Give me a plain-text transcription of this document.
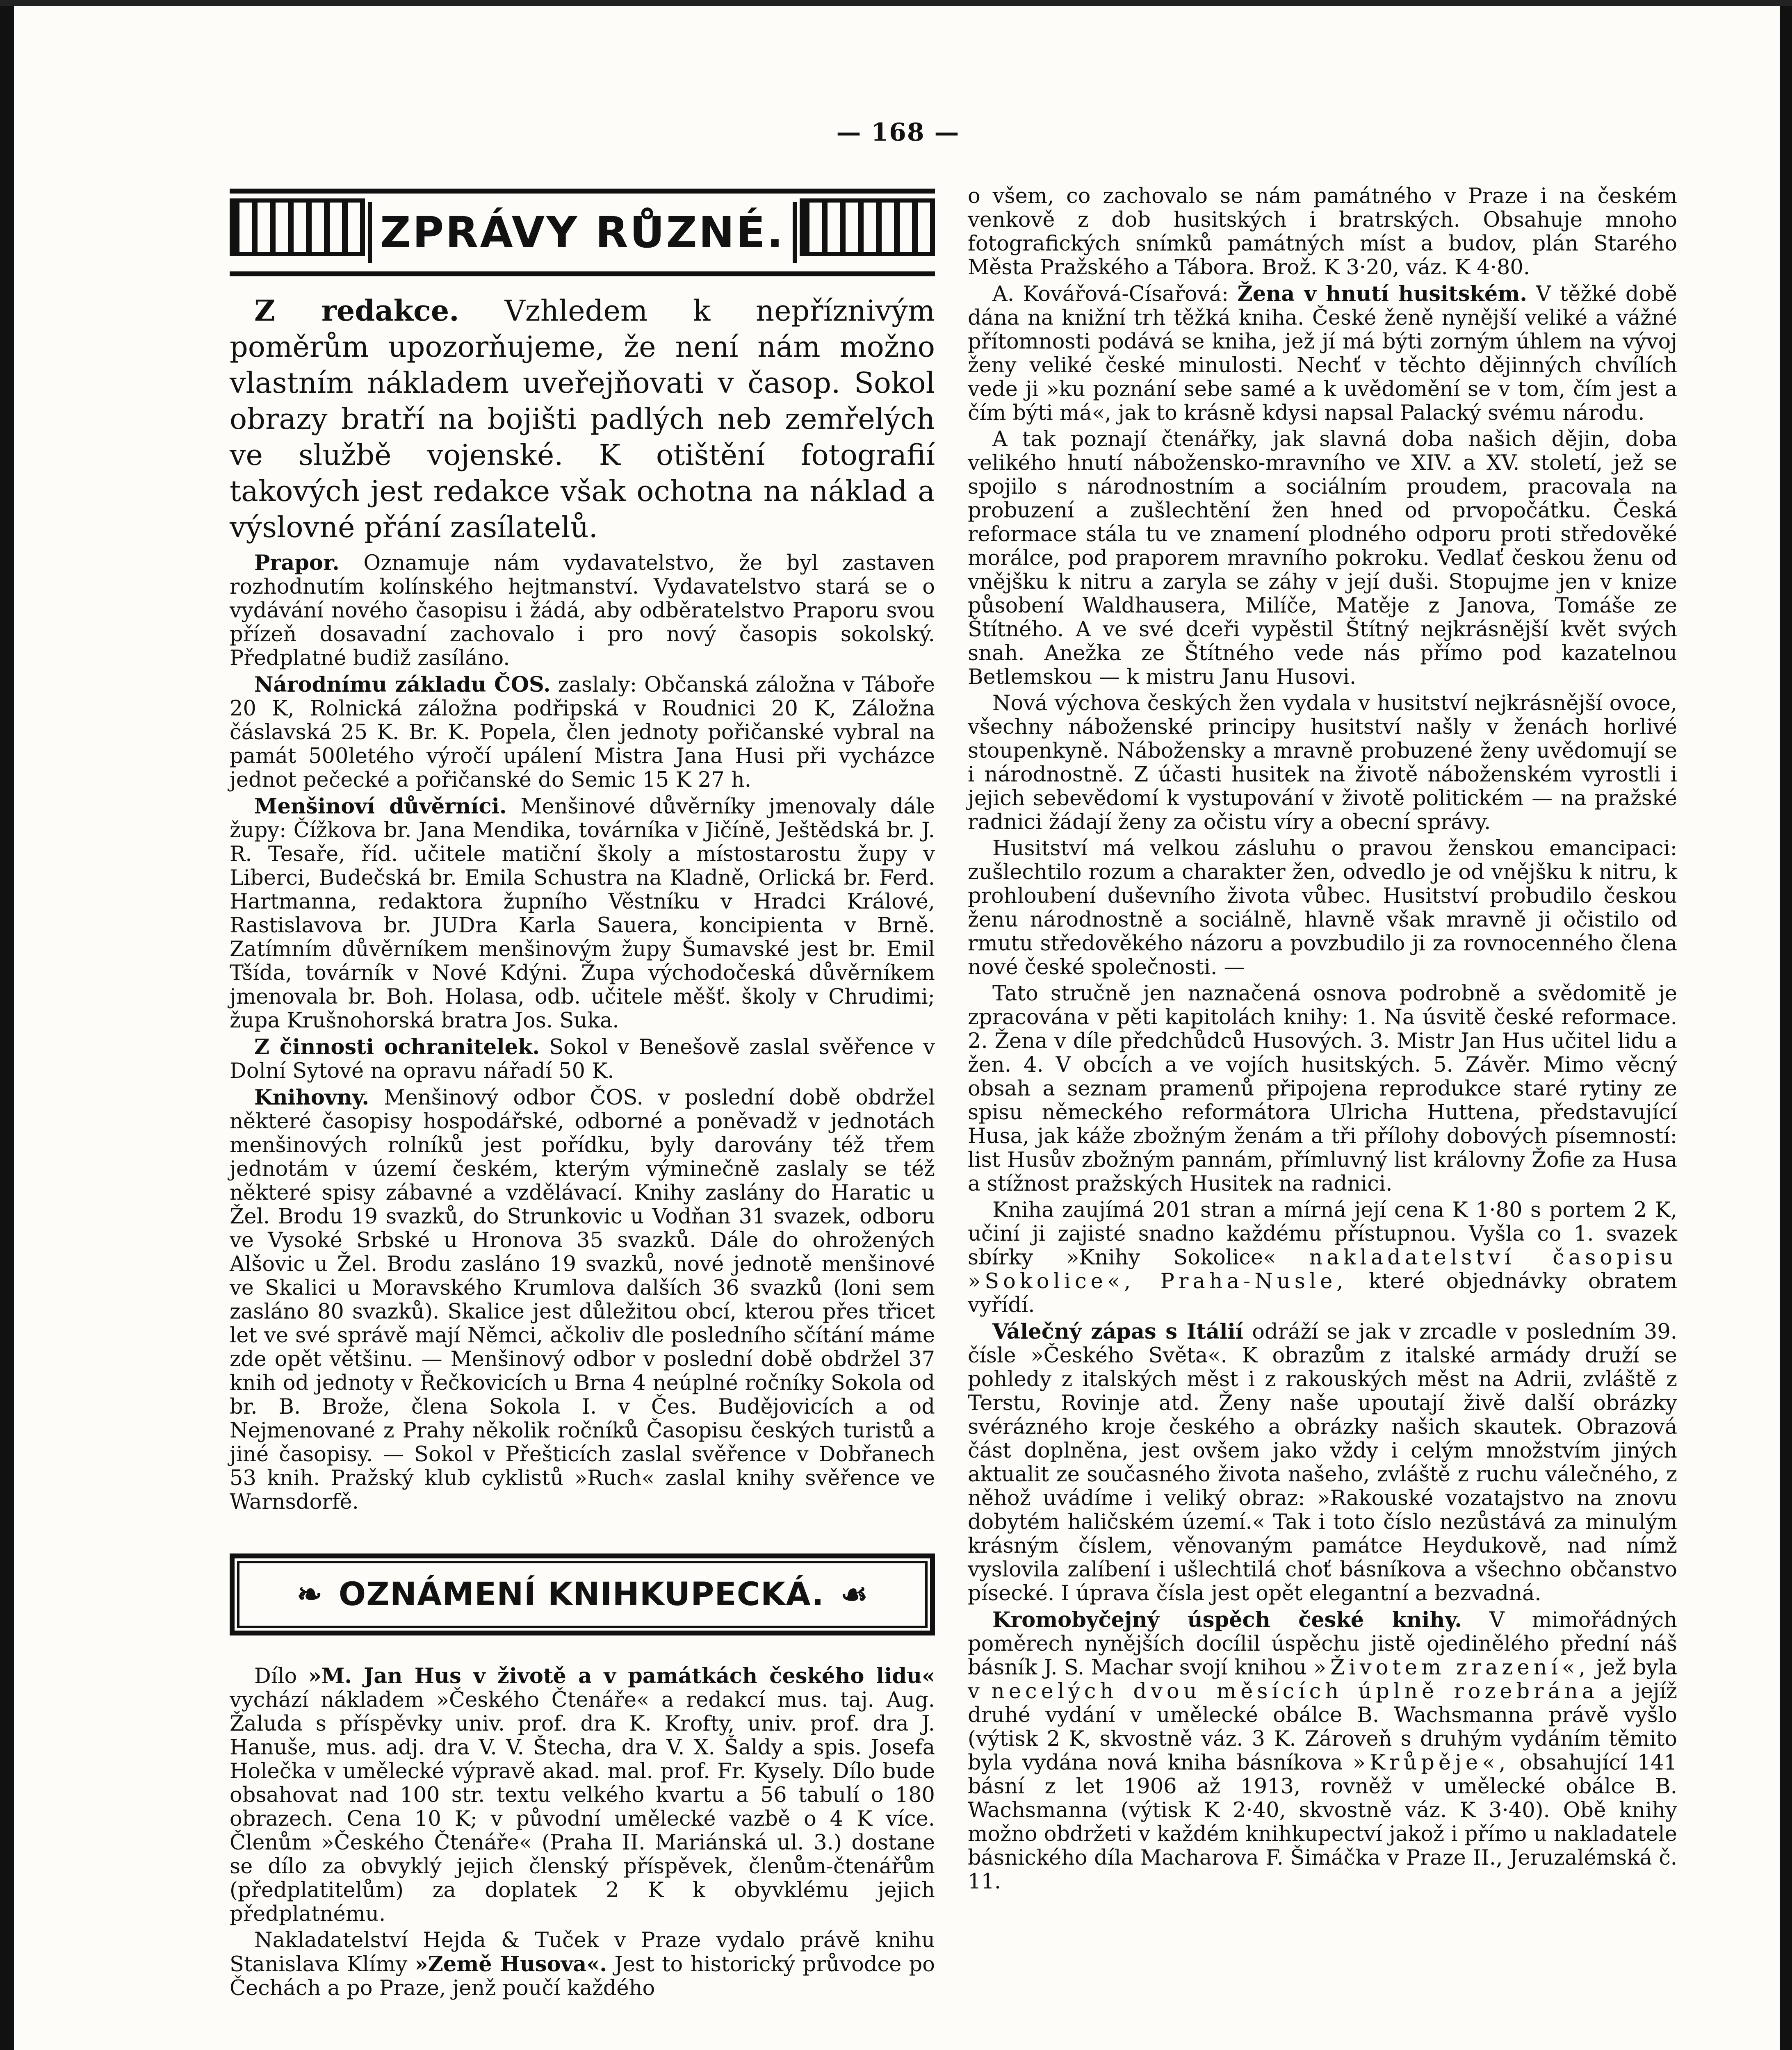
— 168 —
ZPRÁVY RŮZNÉ.

Z redakce. Vzhledem k nepříznivým poměrům upozorňujeme, že není nám možno vlastním nákladem uveřejňovati v časop. Sokol obrazy bratří na bojišti padlých neb zemřelých ve službě vojenské. K otištění fotografií takových jest redakce však ochotna na náklad a výslovné přání zasílatelů.

Prapor. Oznamuje nám vydavatelstvo, že byl zastaven rozhodnutím kolínského hejtmanství. Vydavatelstvo stará se o vydávání nového časopisu i žádá, aby odběratelstvo Praporu svou přízeň dosavadní zachovalo i pro nový časopis sokolský. Předplatné budiž zasíláno.

Národnímu základu ČOS. zaslaly: Občanská záložna v Táboře 20 K, Rolnická záložna podřipská v Roudnici 20 K, Záložna čáslavská 25 K. Br. K. Popela, člen jednoty pořičanské vybral na památ 500letého výročí upálení Mistra Jana Husi při vycházce jednot pečecké a pořičanské do Semic 15 K 27 h.

Menšinoví důvěrníci. Menšinové důvěrníky jmenovaly dále župy: Čížkova br. Jana Mendika, továrníka v Jičíně, Ještědská br. J. R. Tesaře, říd. učitele matiční školy a místostarostu župy v Liberci, Budečská br. Emila Schustra na Kladně, Orlická br. Ferd. Hartmanna, redaktora župního Věstníku v Hradci Králové, Rastislavova br. JUDra Karla Sauera, koncipienta v Brně. Zatímním důvěrníkem menšinovým župy Šumavské jest br. Emil Tšída, továrník v Nové Kdýni. Župa východočeská důvěrníkem jmenovala br. Boh. Holasa, odb. učitele měšť. školy v Chrudimi; župa Krušnohorská bratra Jos. Suka.

Z činnosti ochranitelek. Sokol v Benešově zaslal svěřence v Dolní Sytové na opravu nářadí 50 K.

Knihovny. Menšinový odbor ČOS. v poslední době obdržel některé časopisy hospodářské, odborné a poněvadž v jednotách menšinových rolníků jest pořídku, byly darovány též třem jednotám v území českém, kterým výminečně zaslaly se též některé spisy zábavné a vzdělávací. Knihy zaslány do Haratic u Žel. Brodu 19 svazků, do Strunkovic u Vodňan 31 svazek, odboru ve Vysoké Srbské u Hronova 35 svazků. Dále do ohrožených Alšovic u Žel. Brodu zasláno 19 svazků, nové jednotě menšinové ve Skalici u Moravského Krumlova dalších 36 svazků (loni sem zasláno 80 svazků). Skalice jest důležitou obcí, kterou přes třicet let ve své správě mají Němci, ačkoliv dle posledního sčítání máme zde opět většinu. — Menšinový odbor v poslední době obdržel 37 knih od jednoty v Řečkovicích u Brna 4 neúplné ročníky Sokola od br. B. Brože, člena Sokola I. v Čes. Budějovicích a od Nejmenované z Prahy několik ročníků Časopisu českých turistů a jiné časopisy. — Sokol v Přešticích zaslal svěřence v Dobřanech 53 knih. Pražský klub cyklistů »Ruch« zaslal knihy svěřence ve Warnsdorfě.

❧ OZNÁMENÍ KNIHKUPECKÁ. ☙

Dílo »M. Jan Hus v životě a v památkách českého lidu« vychází nákladem »Českého Čtenáře« a redakcí mus. taj. Aug. Žaluda s příspěvky univ. prof. dra K. Krofty, univ. prof. dra J. Hanuše, mus. adj. dra V. V. Štecha, dra V. X. Šaldy a spis. Josefa Holečka v umělecké výpravě akad. mal. prof. Fr. Kysely. Dílo bude obsahovat nad 100 str. textu velkého kvartu a 56 tabulí o 180 obrazech. Cena 10 K; v původní umělecké vazbě o 4 K více. Členům »Českého Čtenáře« (Praha II. Mariánská ul. 3.) dostane se dílo za obvyklý jejich členský příspěvek, členům-čtenářům (předplatitelům) za doplatek 2 K k obyvklému jejich předplatnému.

Nakladatelství Hejda & Tuček v Praze vydalo právě knihu Stanislava Klímy »Země Husova«. Jest to historický průvodce po Čechách a po Praze, jenž poučí každého

o všem, co zachovalo se nám památného v Praze i na českém venkově z dob husitských i bratrských. Obsahuje mnoho fotografických snímků památných míst a budov, plán Starého Města Pražského a Tábora. Brož. K 3·20, váz. K 4·80.

A. Kovářová-Císařová: Žena v hnutí husitském. V těžké době dána na knižní trh těžká kniha. České ženě nynější veliké a vážné přítomnosti podává se kniha, jež jí má býti zorným úhlem na vývoj ženy veliké české minulosti. Nechť v těchto dějinných chvílích vede ji »ku poznání sebe samé a k uvědomění se v tom, čím jest a čím býti má«, jak to krásně kdysi napsal Palacký svému národu.

A tak poznají čtenářky, jak slavná doba našich dějin, doba velikého hnutí nábožensko-mravního ve XIV. a XV. století, jež se spojilo s národnostním a sociálním proudem, pracovala na probuzení a zušlechtění žen hned od prvopočátku. Česká reformace stála tu ve znamení plodného odporu proti středověké morálce, pod praporem mravního pokroku. Vedlať českou ženu od vnějšku k nitru a zaryla se záhy v její duši. Stopujme jen v knize působení Waldhausera, Milíče, Matěje z Janova, Tomáše ze Štítného. A ve své dceři vypěstil Štítný nejkrásnější květ svých snah. Anežka ze Štítného vede nás přímo pod kazatelnou Betlemskou — k mistru Janu Husovi.

Nová výchova českých žen vydala v husitství nejkrásnější ovoce, všechny náboženské principy husitství našly v ženách horlivé stoupenkyně. Nábožensky a mravně probuzené ženy uvědomují se i národnostně. Z účasti husitek na životě náboženském vyrostli i jejich sebevědomí k vystupování v životě politickém — na pražské radnici žádají ženy za očistu víry a obecní správy.

Husitství má velkou zásluhu o pravou ženskou emancipaci: zušlechtilo rozum a charakter žen, odvedlo je od vnějšku k nitru, k prohloubení duševního života vůbec. Husitství probudilo českou ženu národnostně a sociálně, hlavně však mravně ji očistilo od rmutu středověkého názoru a povzbudilo ji za rovnocenného člena nové české společnosti. —

Tato stručně jen naznačená osnova podrobně a svědomitě je zpracována v pěti kapitolách knihy: 1. Na úsvitě české reformace. 2. Žena v díle předchůdců Husových. 3. Mistr Jan Hus učitel lidu a žen. 4. V obcích a ve vojích husitských. 5. Závěr. Mimo věcný obsah a seznam pramenů připojena reprodukce staré rytiny ze spisu německého reformátora Ulricha Huttena, představující Husa, jak káže zbožným ženám a tři přílohy dobových písemností: list Husův zbožným pannám, přímluvný list královny Žofie za Husa a stížnost pražských Husitek na radnici.

Kniha zaujímá 201 stran a mírná její cena K 1·80 s portem 2 K, učiní ji zajisté snadno každému přístupnou. Vyšla co 1. svazek sbírky »Knihy Sokolice« nakladatelství časopisu »Sokolice«, Praha-Nusle, které objednávky obratem vyřídí.

Válečný zápas s Itálií odráží se jak v zrcadle v posledním 39. čísle »Českého Světa«. K obrazům z italské armády druží se pohledy z italských měst i z rakouských měst na Adrii, zvláště z Terstu, Rovinje atd. Ženy naše upoutají živě další obrázky svérázného kroje českého a obrázky našich skautek. Obrazová část doplněna, jest ovšem jako vždy i celým množstvím jiných aktualit ze současného života našeho, zvláště z ruchu válečného, z něhož uvádíme i veliký obraz: »Rakouské vozatajstvo na znovu dobytém haličském území.« Tak i toto číslo nezůstává za minulým krásným číslem, věnovaným památce Heydukově, nad nímž vyslovila zalíbení i ušlechtilá choť básníkova a všechno občanstvo písecké. I úprava čísla jest opět elegantní a bezvadná.

Kromobyčejný úspěch české knihy. V mimořádných poměrech nynějších docílil úspěchu jistě ojedinělého přední náš básník J. S. Machar svojí knihou »Životem zrazení«, jež byla v necelých dvou měsících úplně rozebrána a jejíž druhé vydání v umělecké obálce B. Wachsmanna právě vyšlo (výtisk 2 K, skvostně váz. 3 K. Zároveň s druhým vydáním těmito byla vydána nová kniha básníkova »Krůpěje«, obsahující 141 básní z let 1906 až 1913, rovněž v umělecké obálce B. Wachsmanna (výtisk K 2·40, skvostně váz. K 3·40). Obě knihy možno obdržeti v každém knihkupectví jakož i přímo u nakladatele básnického díla Macharova F. Šimáčka v Praze II., Jeruzalémská č. 11.
